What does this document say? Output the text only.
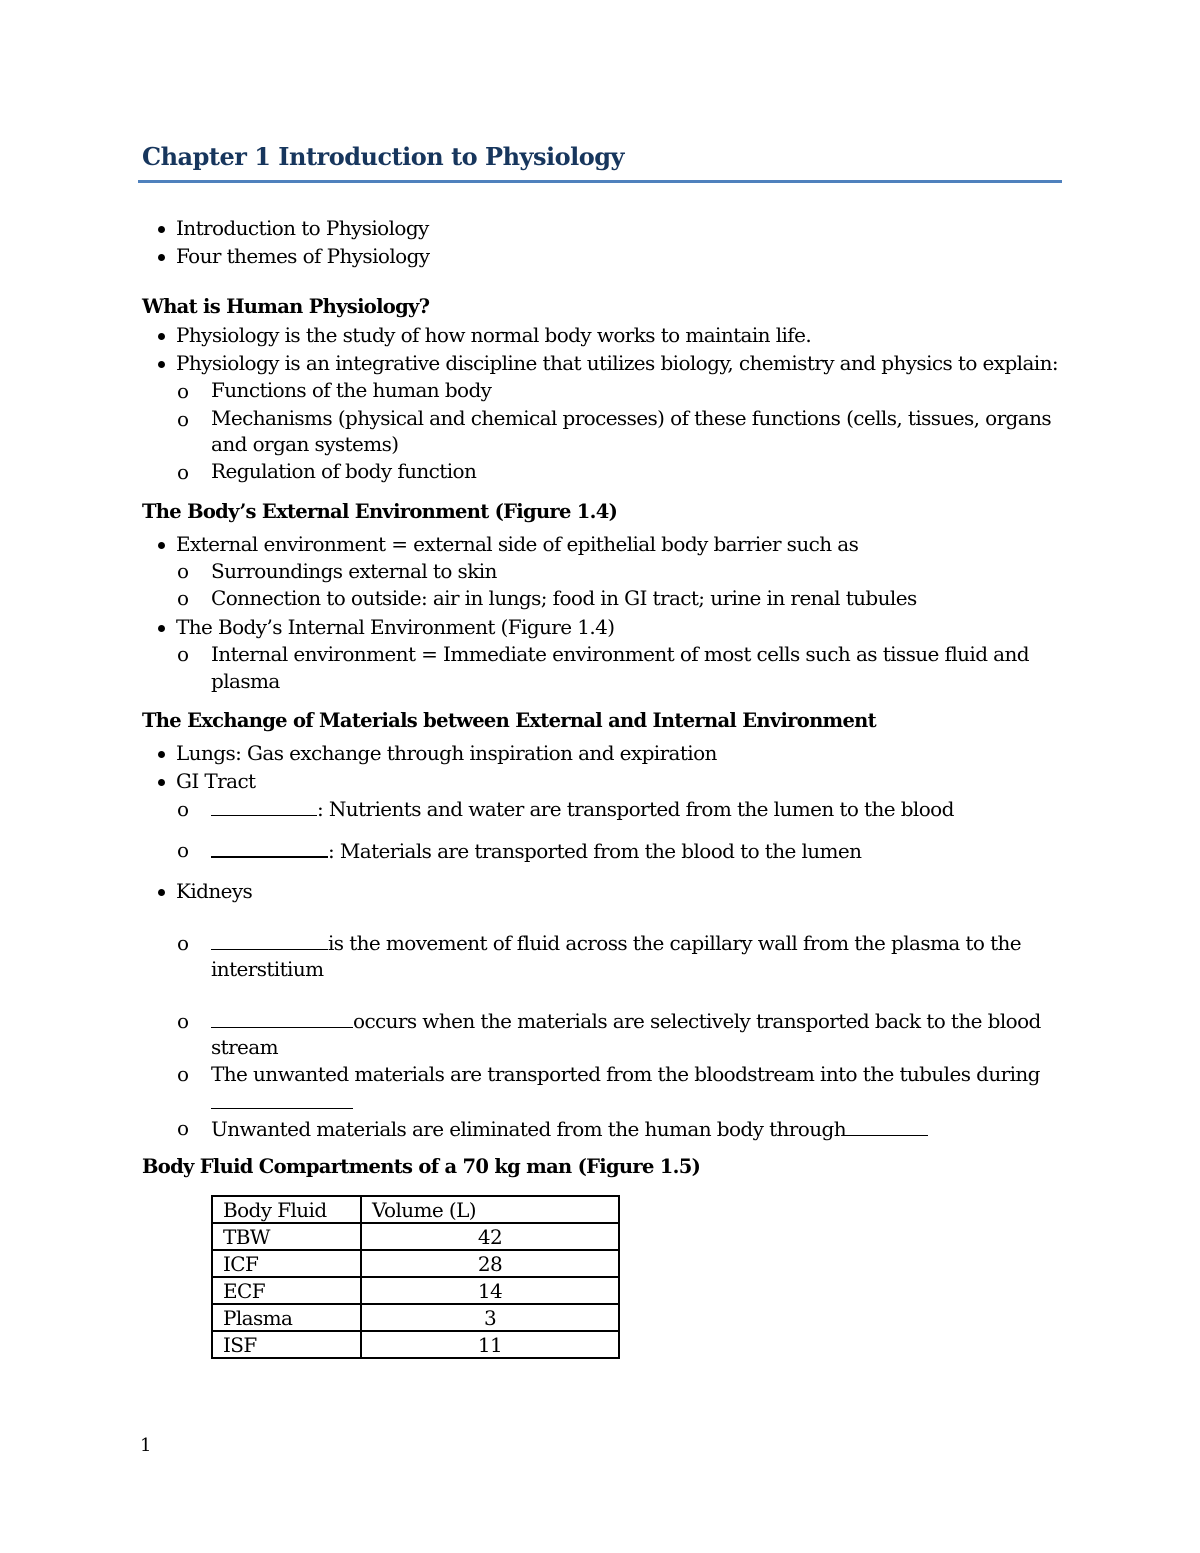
Chapter 1 Introduction to Physiology
Introduction to Physiology
Four themes of Physiology
What is Human Physiology?
Physiology is the study of how normal body works to maintain life.
Physiology is an integrative discipline that utilizes biology, chemistry and physics to explain:
o Functions of the human body
o Mechanisms (physical and chemical processes) of these functions (cells, tissues, organs
and organ systems)
o Regulation of body function
The Body’s External Environment (Figure 1.4)
External environment = external side of epithelial body barrier such as
o Surroundings external to skin
o Connection to outside: air in lungs; food in GI tract; urine in renal tubules
The Body’s Internal Environment (Figure 1.4)
o Internal environment = Immediate environment of most cells such as tissue fluid and
plasma
The Exchange of Materials between External and Internal Environment
Lungs: Gas exchange through inspiration and expiration
GI Tract
o	: Nutrients and water are transported from the lumen to the blood
o	: Materials are transported from the blood to the lumen
Kidneys
o	is the movement of fluid across the capillary wall from the plasma to the
interstitium
o	occurs when the materials are selectively transported back to the blood
stream
o The unwanted materials are transported from the bloodstream into the tubules during
o Unwanted materials are eliminated from the human body through
Body Fluid Compartments of a 70 kg man (Figure 1.5)
Body Fluid	Volume (L)
TBW	42
ICF	28
ECF	14
Plasma	3
ISF	11
1
